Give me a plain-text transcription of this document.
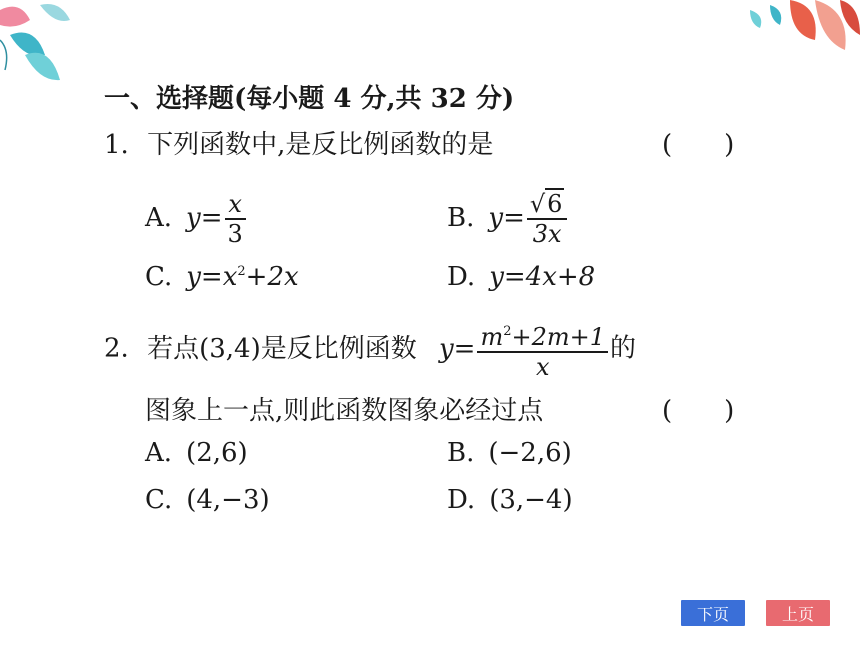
一、选择题(每小题 4 分,共 32 分)
1. 下列函数中,是反比例函数的是	(　　)
A. $y= \frac{x}{3}$	B. $y= \frac{√6}{3x}$
C. $y=x^2+2x$	D. y=4x+8
2. 若点(3,4)是反比例函数 $y= \frac{m^2+2m+1}{x}$ 的
图象上一点,则此函数图象必经过点	(　　)
A. (2,6)	B. (−2,6)
C. (4,−3)	D. (3,−4)
下页	上页
